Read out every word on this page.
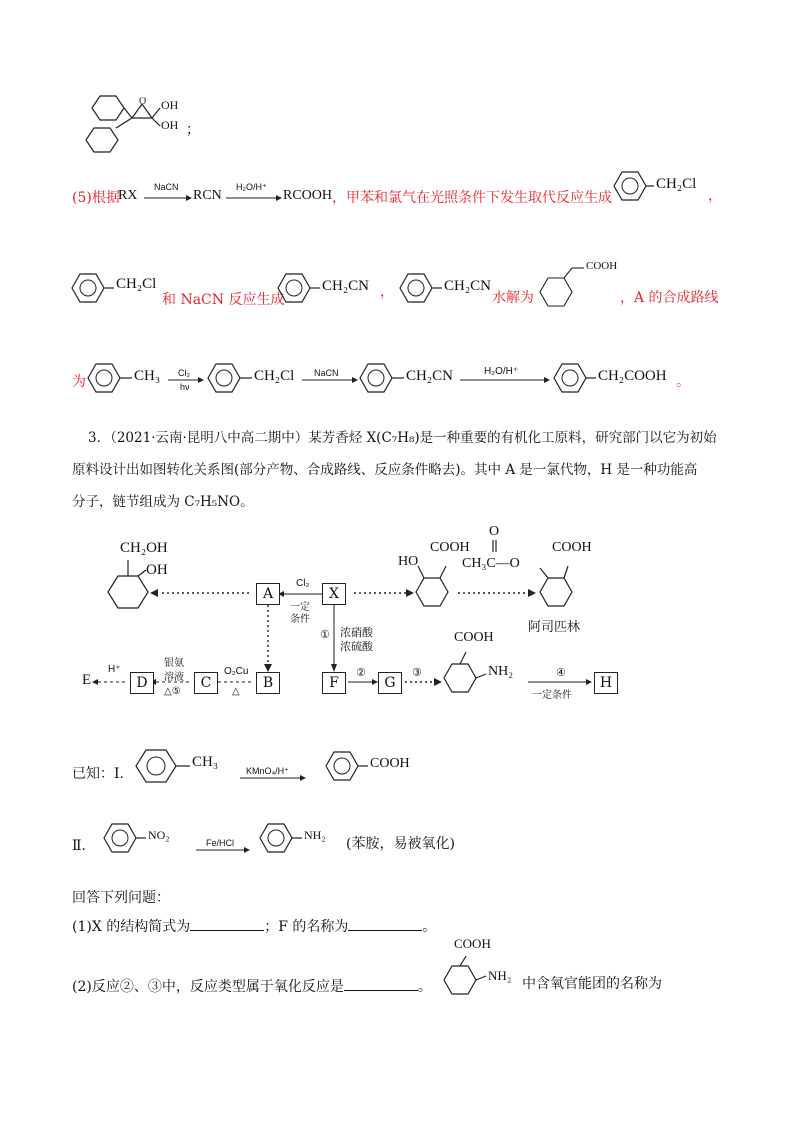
O OH
OH ；
(5)根据
RX
NaCN
RCN
H₂O/H⁺
RCOOH ，甲苯和氯气在光照条件下发生取代反应生成
CH₂Cl
，
CH₂Cl
和 NaCN 反应生成
CH₂CN ，	CH₂CN
水解为
COOH
，A 的合成路线
为	CH₃ Cl₂
hν
CH₂Cl NaCN	CH₂CN	H₂O/H⁺	CH₂COOH 。
3．（2021·云南·昆明八中高二期中）某芳香烃 X(C₇H₈)是一种重要的有机化工原料，研究部门以它为初始
原料设计出如图转化关系图(部分产物、合成路线、反应条件略去)。其中 A 是一氯代物，H 是一种功能高
分子，链节组成为 C₇H₅NO。
CH₂OH
OH
A
Cl₂
一定
条件
X
HO
COOH
O
CH₃C—O
COOH
阿司匹林
① 浓硝酸
浓硫酸
COOH
NH₂
E
H⁺
D
银氨
溶液
△⑤
C
O₂Cu
△
B	F
②
G
③	④
一定条件
H
已知：Ⅰ.
CH₃
KMnO₄/H⁺	COOH
Ⅱ.
NO₂
Fe/HCl
NH₂
(苯胺，易被氧化)
回答下列问题：
(1)X 的结构简式为	；F 的名称为	。
(2)反应②、③中，反应类型属于氧化反应是	。
COOH
NH₂
中含氧官能团的名称为
